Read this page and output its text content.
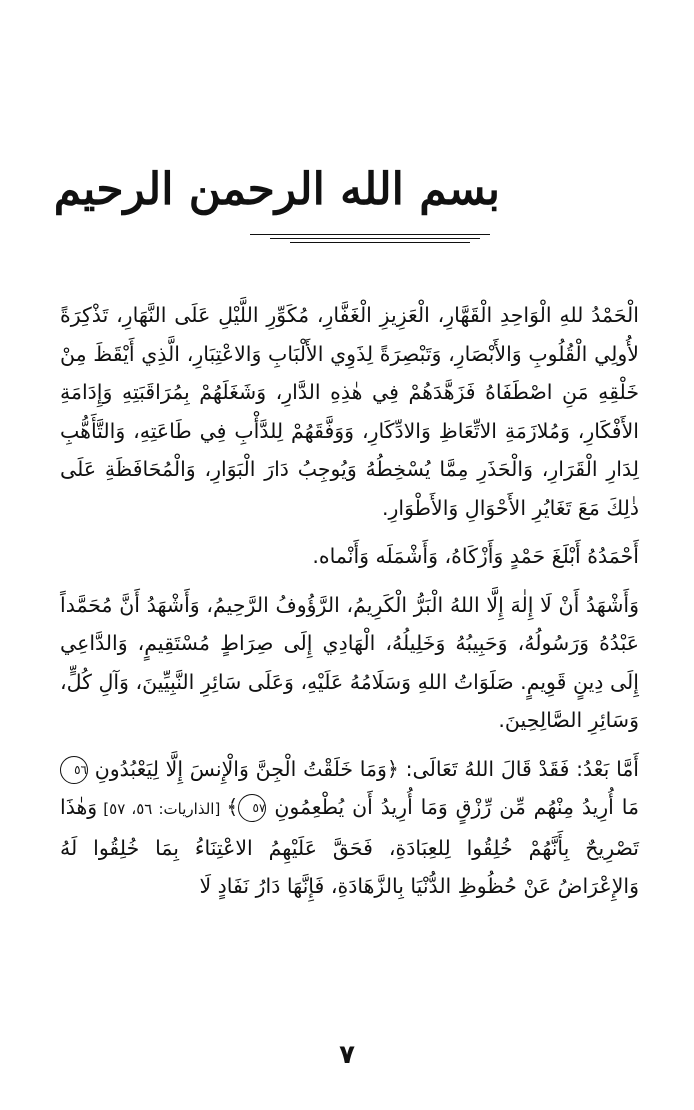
بسم الله الرحمن الرحيم

الْحَمْدُ للهِ الْوَاحِدِ الْقَهَّارِ، الْعَزِيزِ الْغَفَّارِ، مُكَوِّرِ اللَّيْلِ عَلَى النَّهَارِ، تَذْكِرَةً لأُولِي الْقُلُوبِ وَالأَبْصَارِ، وَتَبْصِرَةً لِذَوِي الأَلْبَابِ وَالاعْتِبَارِ، الَّذِي أَيْقَظَ مِنْ خَلْقِهِ مَنِ اصْطَفَاهُ فَزَهَّدَهُمْ فِي هٰذِهِ الدَّارِ، وَشَغَلَهُمْ بِمُرَاقَبَتِهِ وَإِدَامَةِ الأَفْكَارِ، وَمُلازَمَةِ الاتِّعَاظِ وَالادِّكَارِ، وَوَفَّقَهُمْ لِلدَّأْبِ فِي طَاعَتِهِ، وَالتَّأَهُّبِ لِدَارِ الْقَرَارِ، وَالْحَذَرِ مِمَّا يُسْخِطُهُ وَيُوجِبُ دَارَ الْبَوَارِ، وَالْمُحَافَظَةِ عَلَى ذٰلِكَ مَعَ تَغَايُرِ الأَحْوَالِ وَالأَطْوَارِ.

أَحْمَدُهُ أَبْلَغَ حَمْدٍ وَأَزْكَاهُ، وَأَشْمَلَه وَأَنْماه.

وَأَشْهَدُ أَنْ لَا إِلٰهَ إِلَّا اللهُ الْبَرُّ الْكَرِيمُ، الرَّؤُوفُ الرَّحِيمُ، وَأَشْهَدُ أَنَّ مُحَمَّداً عَبْدُهُ وَرَسُولُهُ، وَحَبِيبُهُ وَخَلِيلُهُ، الْهَادِي إِلَى صِرَاطٍ مُسْتَقِيمٍ، وَالدَّاعِي إِلَى دِينٍ قَوِيمٍ. صَلَوَاتُ اللهِ وَسَلَامُهُ عَلَيْهِ، وَعَلَى سَائِرِ النَّبِيِّينَ، وَآلِ كُلٍّ، وَسَائِرِ الصَّالِحِينَ.

أَمَّا بَعْدُ: فَقَدْ قَالَ اللهُ تَعَالَى: ﴿وَمَا خَلَقْتُ الْجِنَّ وَالْإِنسَ إِلَّا لِيَعْبُدُونِ ٥٦ مَا أُرِيدُ مِنْهُم مِّن رِّزْقٍ وَمَا أُرِيدُ أَن يُطْعِمُونِ ٥٧﴾ [الذاريات: ٥٦، ٥٧] وَهٰذَا تَصْرِيحٌ بِأَنَّهُمْ خُلِقُوا لِلعِبَادَةِ، فَحَقَّ عَلَيْهِمُ الاعْتِنَاءُ بِمَا خُلِقُوا لَهُ وَالإِعْرَاضُ عَنْ حُظُوظِ الدُّنْيَا بِالزَّهَادَةِ، فَإِنَّهَا دَارُ نَفَادٍ لَا

٧
